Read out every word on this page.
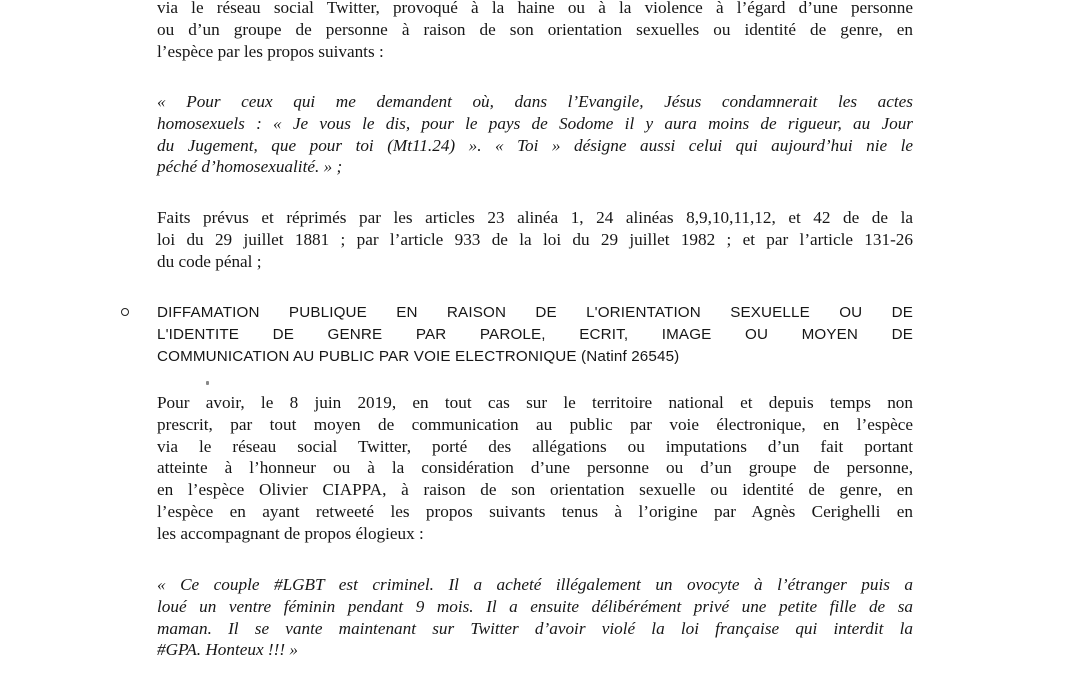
via le réseau social Twitter, provoqué à la haine ou à la violence à l’égard d’une personne
ou d’un groupe de personne à raison de son orientation sexuelles ou identité de genre, en
l’espèce par les propos suivants :
« Pour ceux qui me demandent où, dans l’Evangile, Jésus condamnerait les actes
homosexuels : « Je vous le dis, pour le pays de Sodome il y aura moins de rigueur, au Jour
du Jugement, que pour toi (Mt11.24) ». « Toi » désigne aussi celui qui aujourd’hui nie le
péché d’homosexualité. » ;
Faits prévus et réprimés par les articles 23 alinéa 1, 24 alinéas 8,9,10,11,12, et 42 de de la
loi du 29 juillet 1881 ; par l’article 933 de la loi du 29 juillet 1982 ; et par l’article 131-26
du code pénal ;
DIFFAMATION PUBLIQUE EN RAISON DE L'ORIENTATION SEXUELLE OU DE
L'IDENTITE DE GENRE PAR PAROLE, ECRIT, IMAGE OU MOYEN DE
COMMUNICATION AU PUBLIC PAR VOIE ELECTRONIQUE (Natinf 26545)
Pour avoir, le 8 juin 2019, en tout cas sur le territoire national et depuis temps non
prescrit, par tout moyen de communication au public par voie électronique, en l’espèce
via le réseau social Twitter, porté des allégations ou imputations d’un fait portant
atteinte à l’honneur ou à la considération d’une personne ou d’un groupe de personne,
en l’espèce Olivier CIAPPA, à raison de son orientation sexuelle ou identité de genre, en
l’espèce en ayant retweeté les propos suivants tenus à l’origine par Agnès Cerighelli en
les accompagnant de propos élogieux :
« Ce couple #LGBT est criminel. Il a acheté illégalement un ovocyte à l’étranger puis a
loué un ventre féminin pendant 9 mois. Il a ensuite délibérément privé une petite fille de sa
maman. Il se vante maintenant sur Twitter d’avoir violé la loi française qui interdit la
#GPA. Honteux !!! »
